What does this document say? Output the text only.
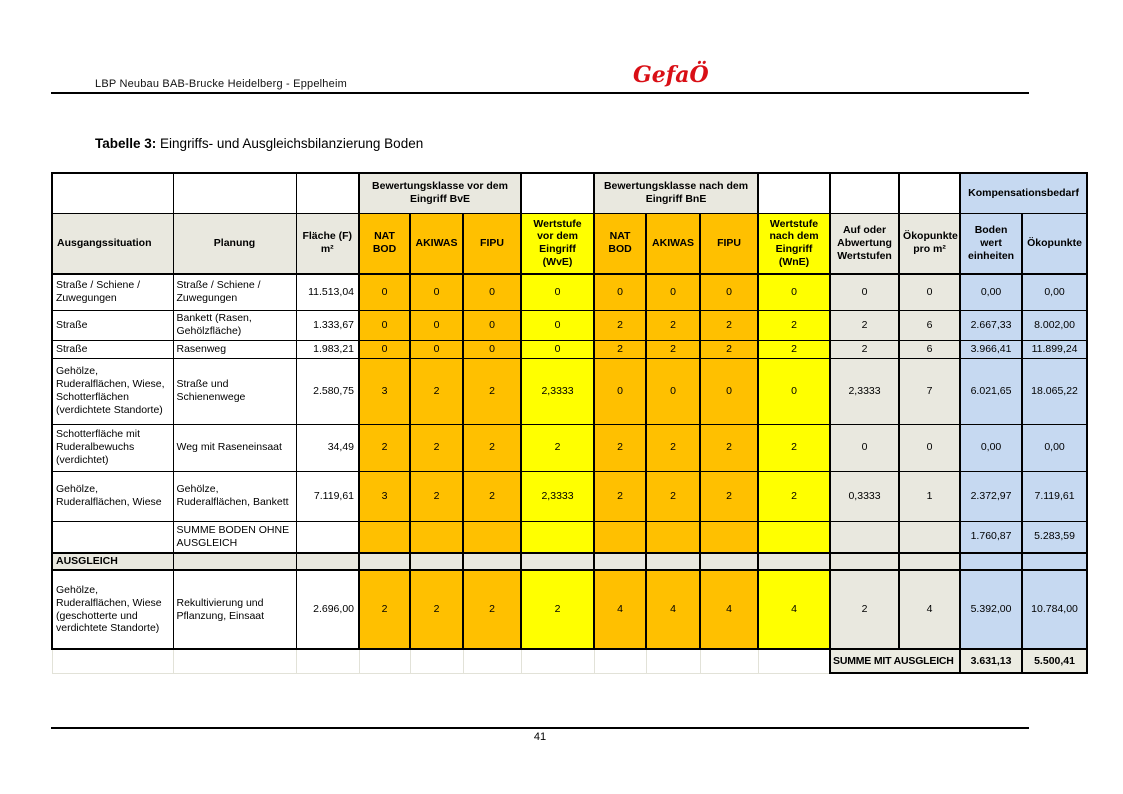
LBP Neubau BAB-Brucke Heidelberg - Eppelheim	GefaÖ
Tabelle 3: Eingriffs- und Ausgleichsbilanzierung Boden
			Bewertungsklasse vor dem Eingriff BvE				Bewertungsklasse nach dem Eingriff BnE						Kompensationsbedarf	
Ausgangssituation	Planung	Fläche (F) m²	NAT BOD	AKIWAS	FIPU	Wertstufe vor dem Eingriff (WvE)	NAT BOD	AKIWAS	FIPU	Wertstufe nach dem Eingriff (WnE)	Auf oder Abwertung Wertstufen	Ökopunkte pro m²	Boden wert einheiten	Ökopunkte
Straße / Schiene / Zuwegungen	Straße / Schiene / Zuwegungen	11.513,04	0	0	0	0	0	0	0	0	0	0	0,00	0,00
Straße	Bankett (Rasen, Gehölzfläche)	1.333,67	0	0	0	0	2	2	2	2	2	6	2.667,33	8.002,00
Straße	Rasenweg	1.983,21	0	0	0	0	2	2	2	2	2	6	3.966,41	11.899,24
Gehölze, Ruderalflächen, Wiese, Schotterflächen (verdichtete Standorte)	Straße und Schienenwege	2.580,75	3	2	2	2,3333	0	0	0	0	2,3333	7	6.021,65	18.065,22
Schotterfläche mit Ruderalbewuchs (verdichtet)	Weg mit Raseneinsaat	34,49	2	2	2	2	2	2	2	2	0	0	0,00	0,00
Gehölze, Ruderalflächen, Wiese	Gehölze, Ruderalflächen, Bankett	7.119,61	3	2	2	2,3333	2	2	2	2	0,3333	1	2.372,97	7.119,61
	SUMME BODEN OHNE AUSGLEICH												1.760,87	5.283,59
AUSGLEICH														
Gehölze, Ruderalflächen, Wiese (geschotterte und verdichtete Standorte)	Rekultivierung und Pflanzung, Einsaat	2.696,00	2	2	2	2	4	4	4	4	2	4	5.392,00	10.784,00
											SUMME MIT AUSGLEICH		3.631,13	5.500,41
41
